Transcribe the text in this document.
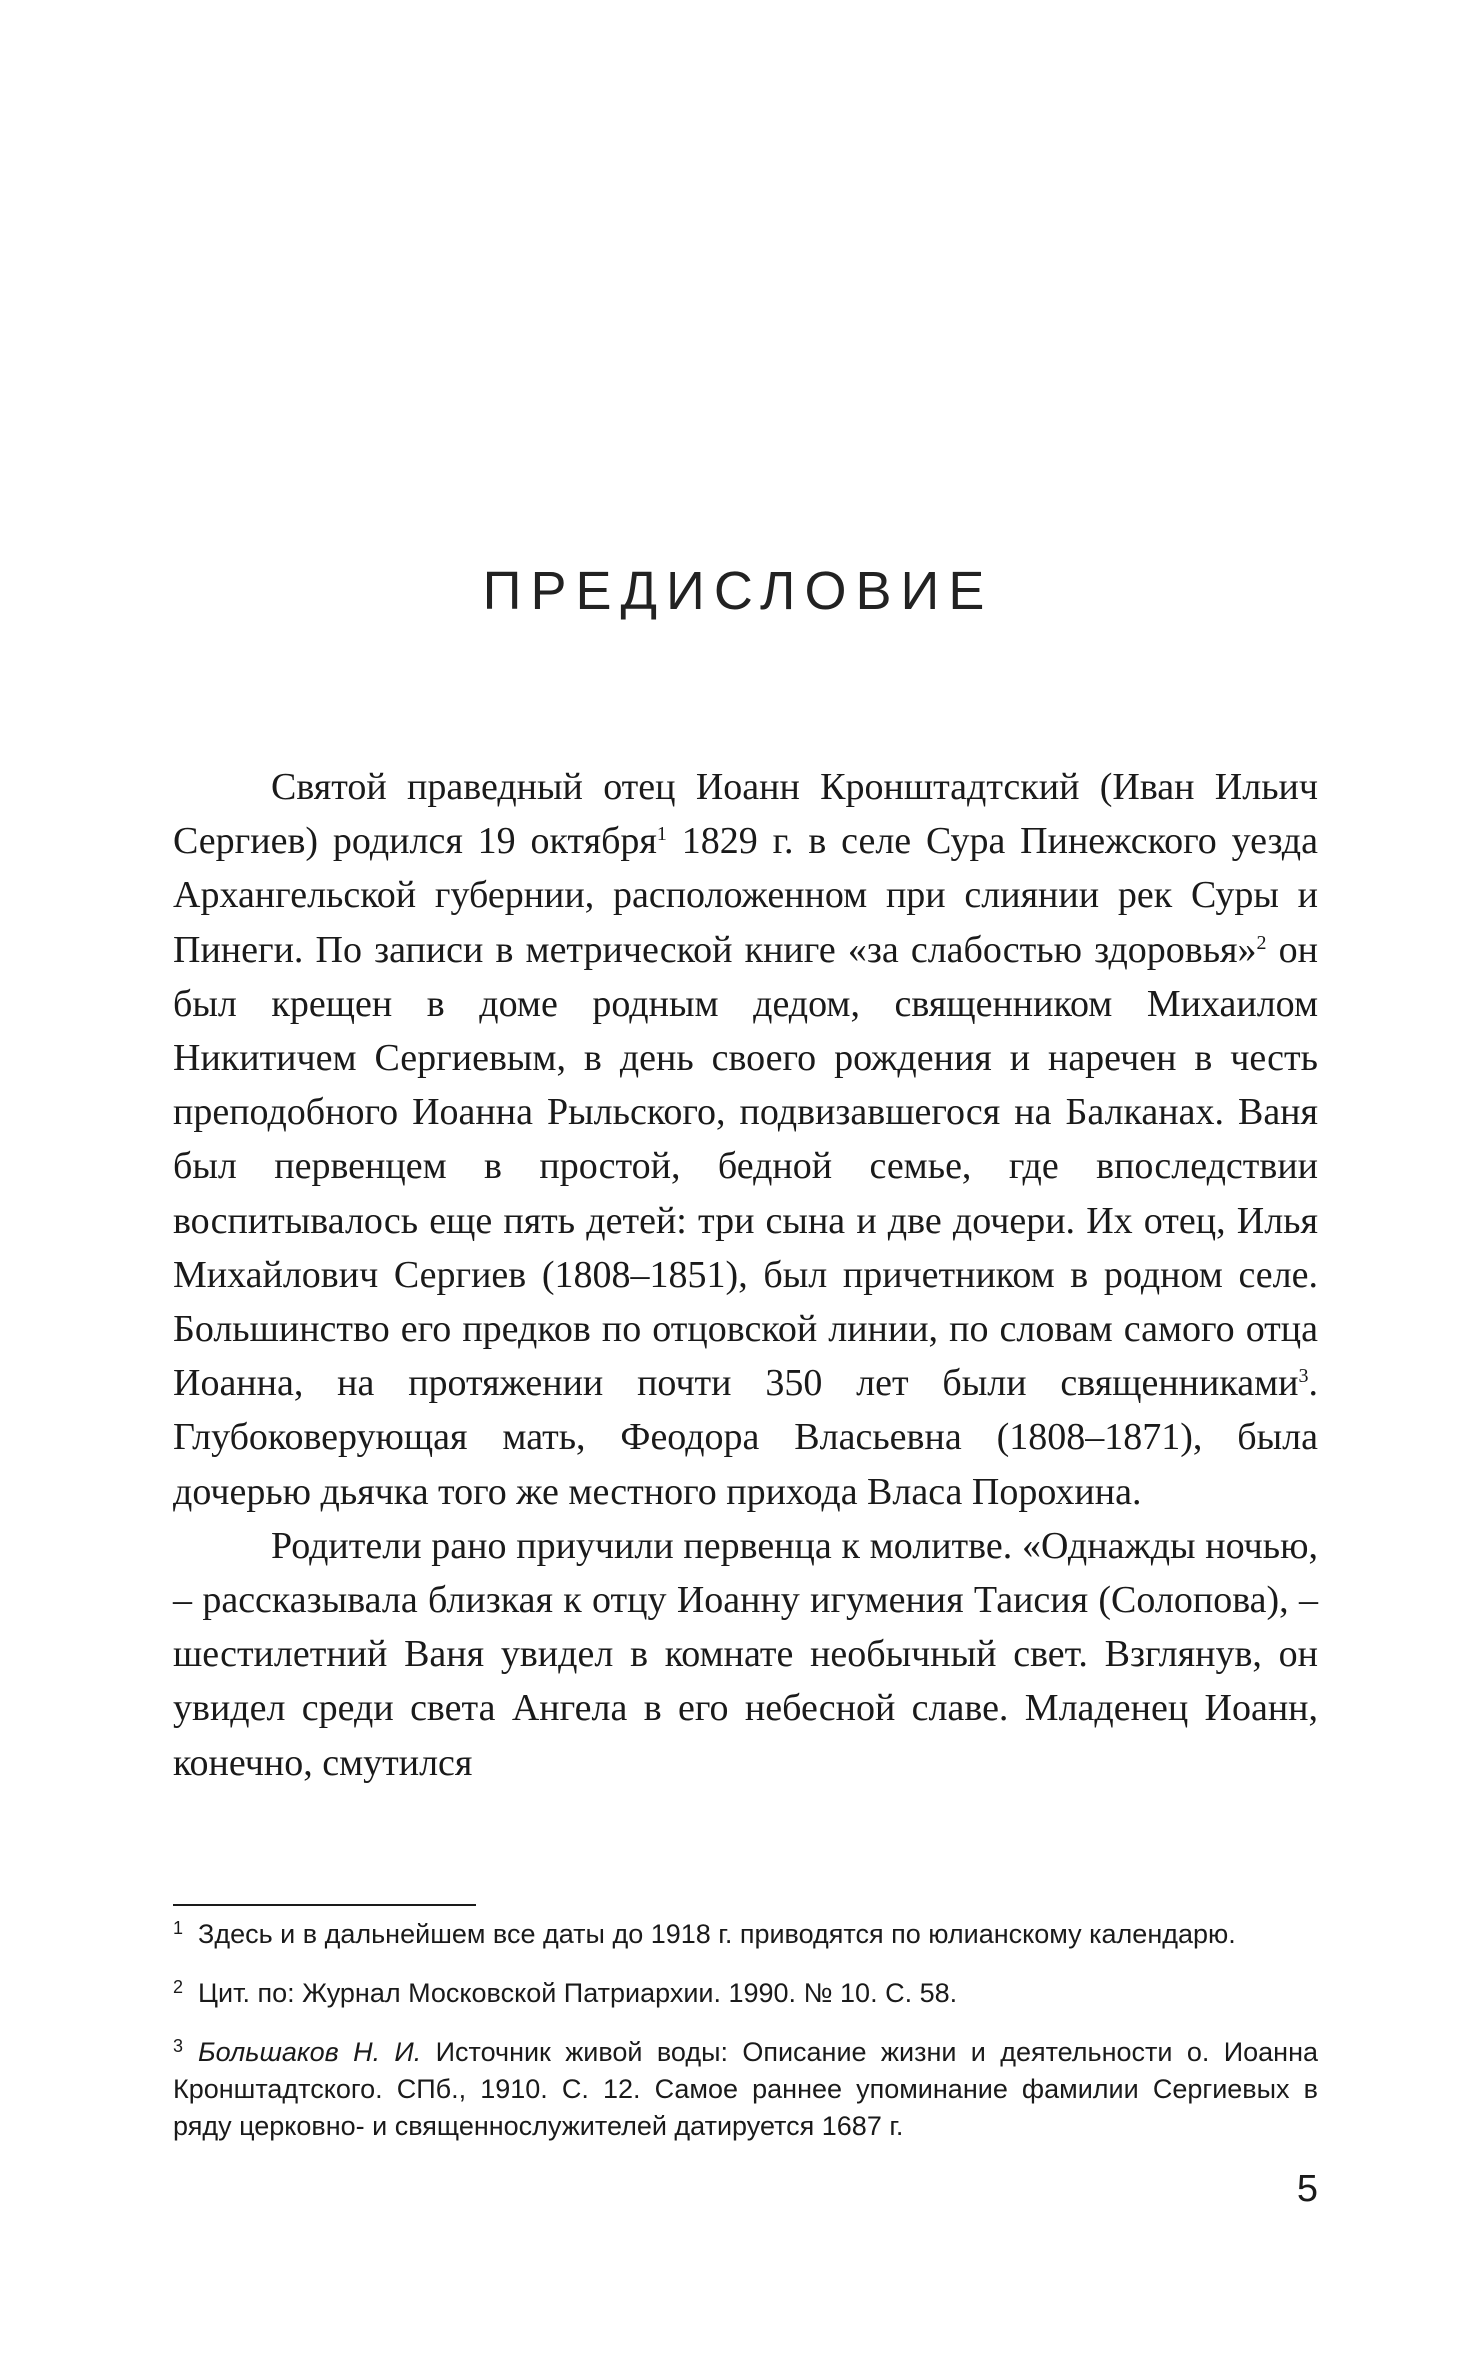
ПРЕДИСЛОВИЕ

Святой праведный отец Иоанн Кронштадтский (Иван Ильич Сергиев) родился 19 октября$^1$ 1829 г. в селе Сура Пинежского уезда Архангельской губернии, расположенном при слиянии рек Суры и Пинеги. По записи в метрической книге «за слабостью здоровья»$^2$ он был крещен в доме родным дедом, священником Михаилом Никитичем Сергиевым, в день своего рождения и наречен в честь преподобного Иоанна Рыльского, подвизавшегося на Балканах. Ваня был первенцем в простой, бедной семье, где впоследствии воспитывалось еще пять детей: три сына и две дочери. Их отец, Илья Михайлович Сергиев (1808–1851), был причетником в родном селе. Большинство его предков по отцовской линии, по словам самого отца Иоанна, на протяжении почти 350 лет были священниками$^3$. Глубоковерующая мать, Феодора Власьевна (1808–1871), была дочерью дьячка того же местного прихода Власа Порохина.

Родители рано приучили первенца к молитве. «Однажды ночью, – рассказывала близкая к отцу Иоанну игумения Таисия (Солопова), – шестилетний Ваня увидел в комнате необычный свет. Взглянув, он увидел среди света Ангела в его небесной славе. Младенец Иоанн, конечно, смутился

$^1$ Здесь и в дальнейшем все даты до 1918 г. приводятся по юлианскому календарю.

$^2$ Цит. по: Журнал Московской Патриархии. 1990. № 10. С. 58.

$^3$ Большаков Н. И. Источник живой воды: Описание жизни и деятельности о. Иоанна Кронштадтского. СПб., 1910. С. 12. Самое раннее упоминание фамилии Сергиевых в ряду церковно- и священнослужителей датируется 1687 г.

5
